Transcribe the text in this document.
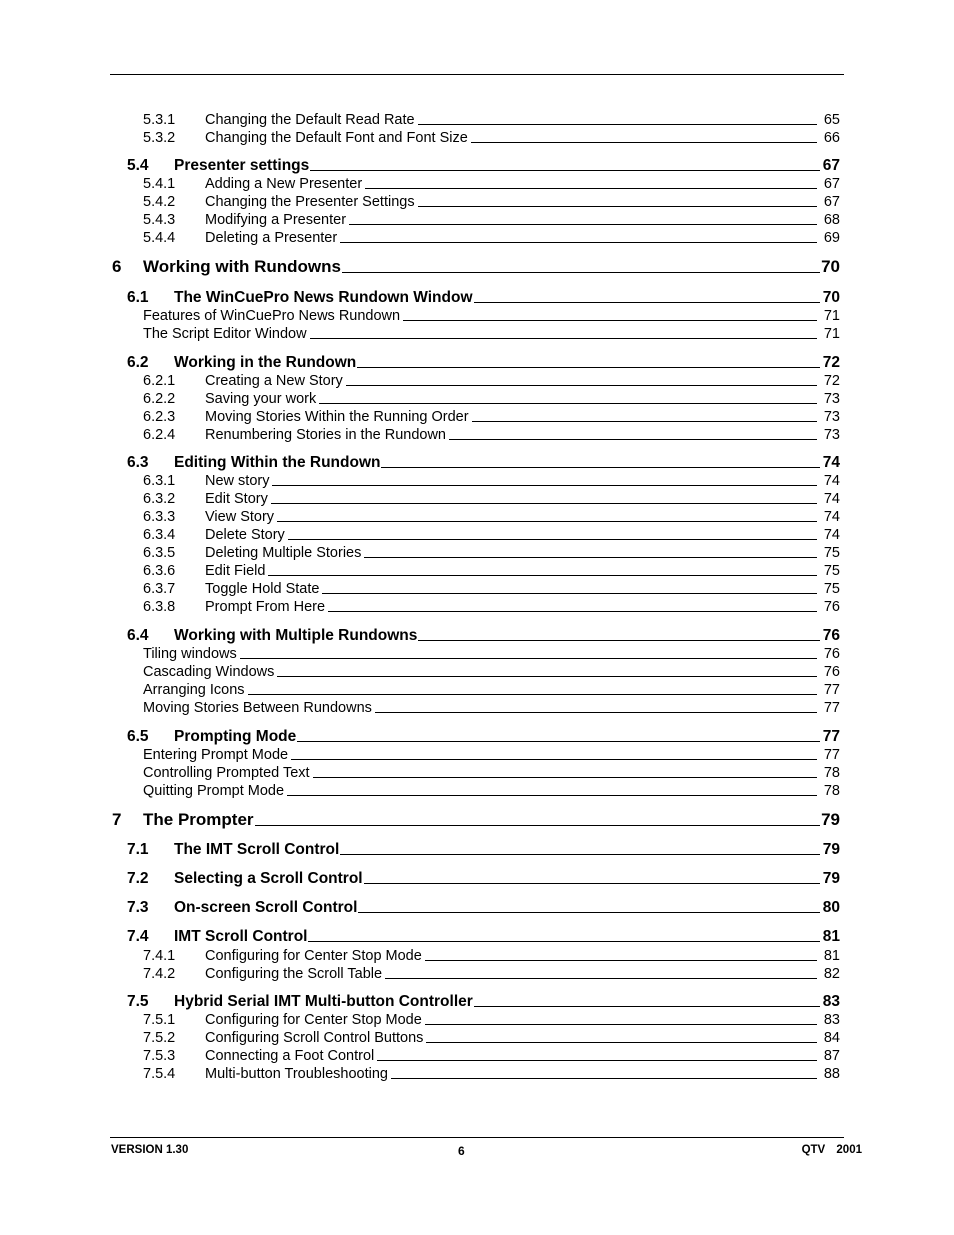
5.3.1 Changing the Default Read Rate	65
5.3.2 Changing the Default Font and Font Size	66
5.4 Presenter settings	67
5.4.1 Adding a New Presenter	67
5.4.2 Changing the Presenter Settings	67
5.4.3 Modifying a Presenter	68
5.4.4 Deleting a Presenter	69
6 Working with Rundowns	70
6.1 The WinCuePro News Rundown Window	70
Features of WinCuePro News Rundown	71
The Script Editor Window	71
6.2 Working in the Rundown	72
6.2.1 Creating a New Story	72
6.2.2 Saving your work	73
6.2.3 Moving Stories Within the Running Order	73
6.2.4 Renumbering Stories in the Rundown	73
6.3 Editing Within the Rundown	74
6.3.1 New story	74
6.3.2 Edit Story	74
6.3.3 View Story	74
6.3.4 Delete Story	74
6.3.5 Deleting Multiple Stories	75
6.3.6 Edit Field	75
6.3.7 Toggle Hold State	75
6.3.8 Prompt From Here	76
6.4 Working with Multiple Rundowns	76
Tiling windows	76
Cascading Windows	76
Arranging Icons	77
Moving Stories Between Rundowns	77
6.5 Prompting Mode	77
Entering Prompt Mode	77
Controlling Prompted Text	78
Quitting Prompt Mode	78
7 The Prompter	79
7.1 The IMT Scroll Control	79
7.2 Selecting a Scroll Control	79
7.3 On-screen Scroll Control	80
7.4 IMT Scroll Control	81
7.4.1 Configuring for Center Stop Mode	81
7.4.2 Configuring the Scroll Table	82
7.5 Hybrid Serial IMT Multi-button Controller	83
7.5.1 Configuring for Center Stop Mode	83
7.5.2 Configuring Scroll Control Buttons	84
7.5.3 Connecting a Foot Control	87
7.5.4 Multi-button Troubleshooting	88
VERSION 1.30	6	QTV 2001
